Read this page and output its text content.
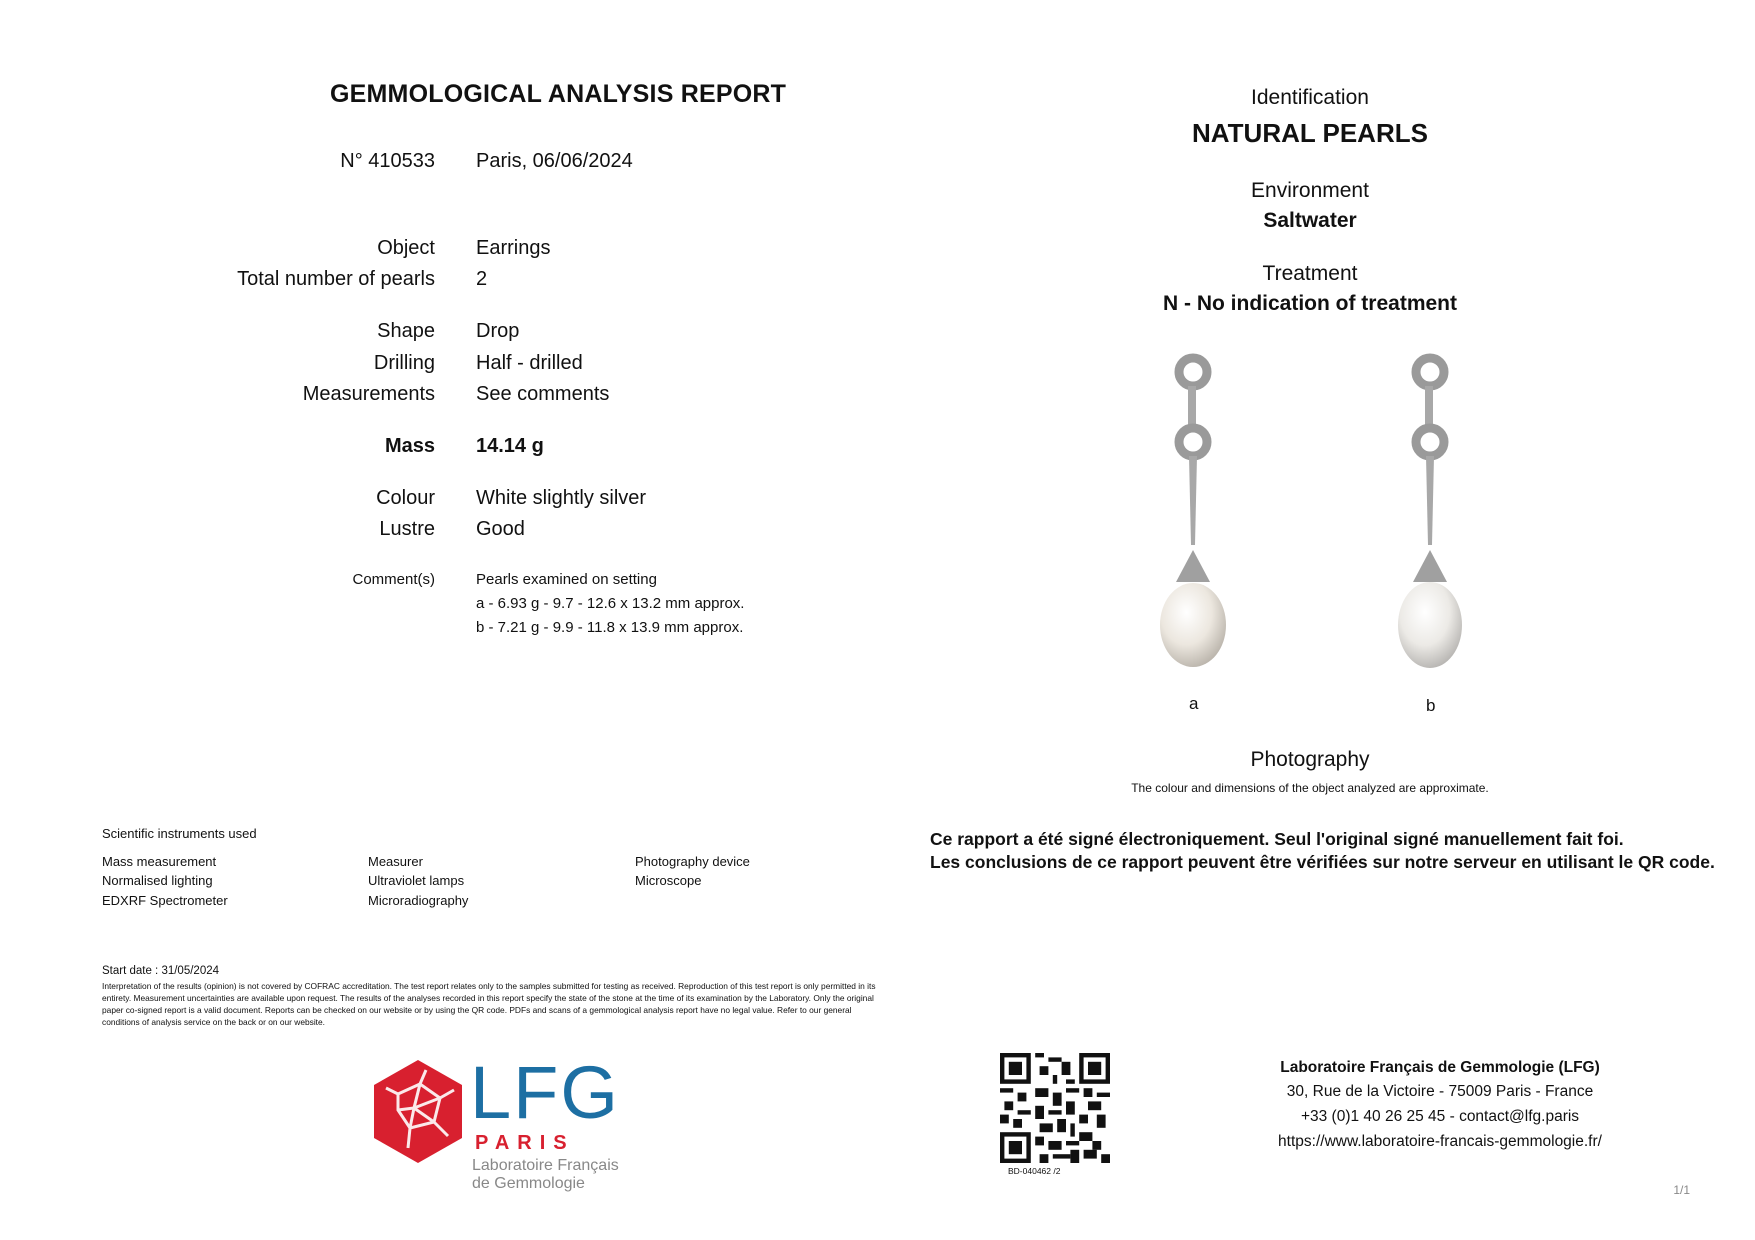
GEMMOLOGICAL ANALYSIS REPORT
N° 410533 Paris, 06/06/2024
Object Earrings
Total number of pearls 2
Shape Drop
Drilling Half - drilled
Measurements See comments
Mass 14.14 g
Colour White slightly silver
Lustre Good
Comment(s)	Pearls examined on setting
a - 6.93 g - 9.7 - 12.6 x 13.2 mm approx.
b - 7.21 g - 9.9 - 11.8 x 13.9 mm approx.
Scientific instruments used
Mass measurement
Normalised lighting
EDXRF Spectrometer
Measurer
Ultraviolet lamps
Microradiography
Photography device
Microscope
Start date : 31/05/2024
Interpretation of the results (opinion) is not covered by COFRAC accreditation. The test report relates only to the samples submitted for testing as received. Reproduction of this test report is only permitted in its entirety. Measurement uncertainties are available upon request. The results of the analyses recorded in this report specify the state of the stone at the time of its examination by the Laboratory. Only the original paper co-signed report is a valid document. Reports can be checked on our website or by using the QR code. PDFs and scans of a gemmological analysis report have no legal value. Refer to our general conditions of analysis service on the back or on our website.
LFG
PARIS
Laboratoire Français
de Gemmologie
Identification
NATURAL PEARLS
Environment
Saltwater
Treatment
N - No indication of treatment
a	b
Photography
The colour and dimensions of the object analyzed are approximate.
Ce rapport a été signé électroniquement. Seul l'original signé manuellement fait foi.
Les conclusions de ce rapport peuvent être vérifiées sur notre serveur en utilisant le QR code.
BD-040462 /2
Laboratoire Français de Gemmologie (LFG)
30, Rue de la Victoire - 75009 Paris - France
+33 (0)1 40 26 25 45 - contact@lfg.paris
https://www.laboratoire-francais-gemmologie.fr/
1/1
